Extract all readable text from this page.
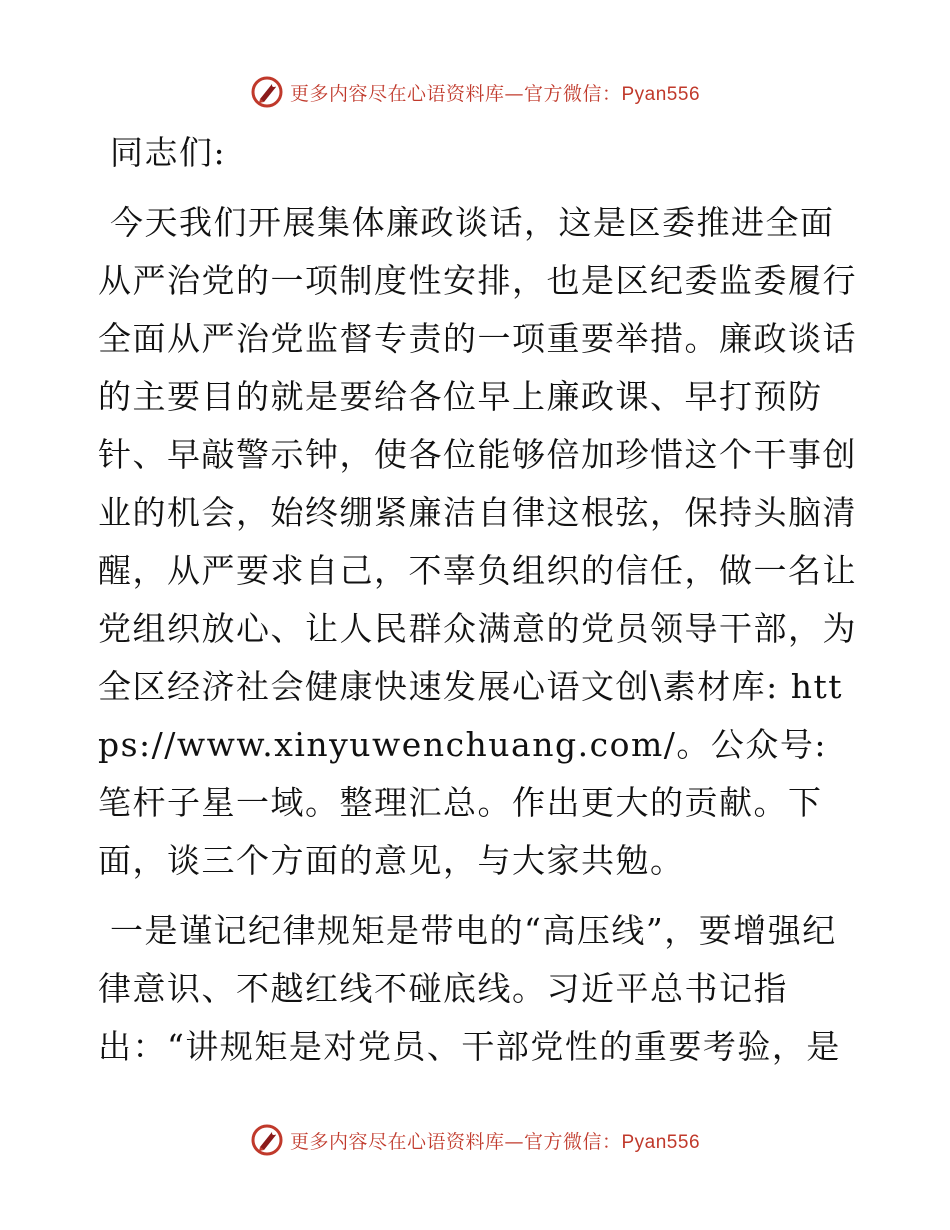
更多内容尽在心语资料库—官方微信：Pyan556

同志们:

今天我们开展集体廉政谈话，这是区委推进全面从严治党的一项制度性安排，也是区纪委监委履行全面从严治党监督专责的一项重要举措。廉政谈话的主要目的就是要给各位早上廉政课、早打预防针、早敲警示钟，使各位能够倍加珍惜这个干事创业的机会，始终绷紧廉洁自律这根弦，保持头脑清醒，从严要求自己，不辜负组织的信任，做一名让党组织放心、让人民群众满意的党员领导干部，为全区经济社会健康快速发展心语文创\素材库: https://www.xinyuwenchuang.com/。公众号: 笔杆子星一域。整理汇总。作出更大的贡献。下面，谈三个方面的意见，与大家共勉。

一是谨记纪律规矩是带电的“高压线”，要增强纪律意识、不越红线不碰底线。习近平总书记指出：“讲规矩是对党员、干部党性的重要考验，是

更多内容尽在心语资料库—官方微信：Pyan556
